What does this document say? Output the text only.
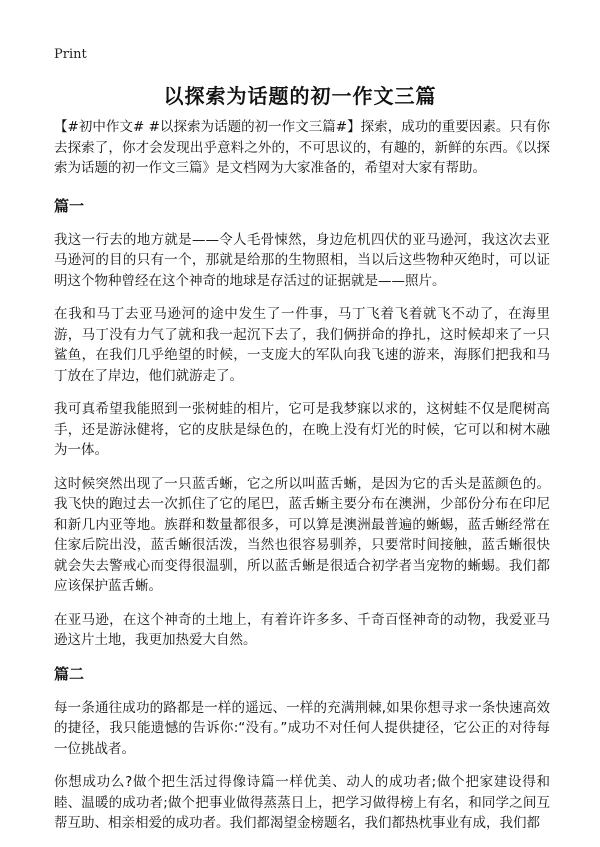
Print
以探索为话题的初一作文三篇

【#初中作文# #以探索为话题的初一作文三篇#】探索，成功的重要因素。只有你去探索了，你才会发现出乎意料之外的，不可思议的，有趣的，新鲜的东西。《以探索为话题的初一作文三篇》是文档网为大家准备的，希望对大家有帮助。

篇一

我这一行去的地方就是——令人毛骨悚然，身边危机四伏的亚马逊河，我这次去亚马逊河的目的只有一个，那就是给那的生物照相，当以后这些物种灭绝时，可以证明这个物种曾经在这个神奇的地球是存活过的证据就是——照片。

在我和马丁去亚马逊河的途中发生了一件事，马丁飞着飞着就飞不动了，在海里游，马丁没有力气了就和我一起沉下去了，我们俩拼命的挣扎，这时候却来了一只鲨鱼，在我们几乎绝望的时候，一支庞大的军队向我飞速的游来，海豚们把我和马丁放在了岸边，他们就游走了。

我可真希望我能照到一张树蛙的相片，它可是我梦寐以求的，这树蛙不仅是爬树高手，还是游泳健将，它的皮肤是绿色的，在晚上没有灯光的时候，它可以和树木融为一体。

这时候突然出现了一只蓝舌蜥，它之所以叫蓝舌蜥，是因为它的舌头是蓝颜色的。我飞快的跑过去一次抓住了它的尾巴，蓝舌蜥主要分布在澳洲，少部份分布在印尼和新几内亚等地。族群和数量都很多，可以算是澳洲最普遍的蜥蜴，蓝舌蜥经常在住家后院出没，蓝舌蜥很活泼，当然也很容易驯养，只要常时间接触，蓝舌蜥很快就会失去警戒心而变得很温驯，所以蓝舌蜥是很适合初学者当宠物的蜥蜴。我们都应该保护蓝舌蜥。

在亚马逊，在这个神奇的土地上，有着许许多多、千奇百怪神奇的动物，我爱亚马逊这片土地，我更加热爱大自然。

篇二

每一条通往成功的路都是一样的遥远、一样的充满荆棘,如果你想寻求一条快速高效的捷径，我只能遗憾的告诉你:“没有。”成功不对任何人提供捷径，它公正的对待每一位挑战者。

你想成功么?做个把生活过得像诗篇一样优美、动人的成功者;做个把家建设得和睦、温暖的成功者;做个把事业做得蒸蒸日上，把学习做得榜上有名，和同学之间互帮互助、相亲相爱的成功者。我们都渴望金榜题名，我们都热枕事业有成，我们都
